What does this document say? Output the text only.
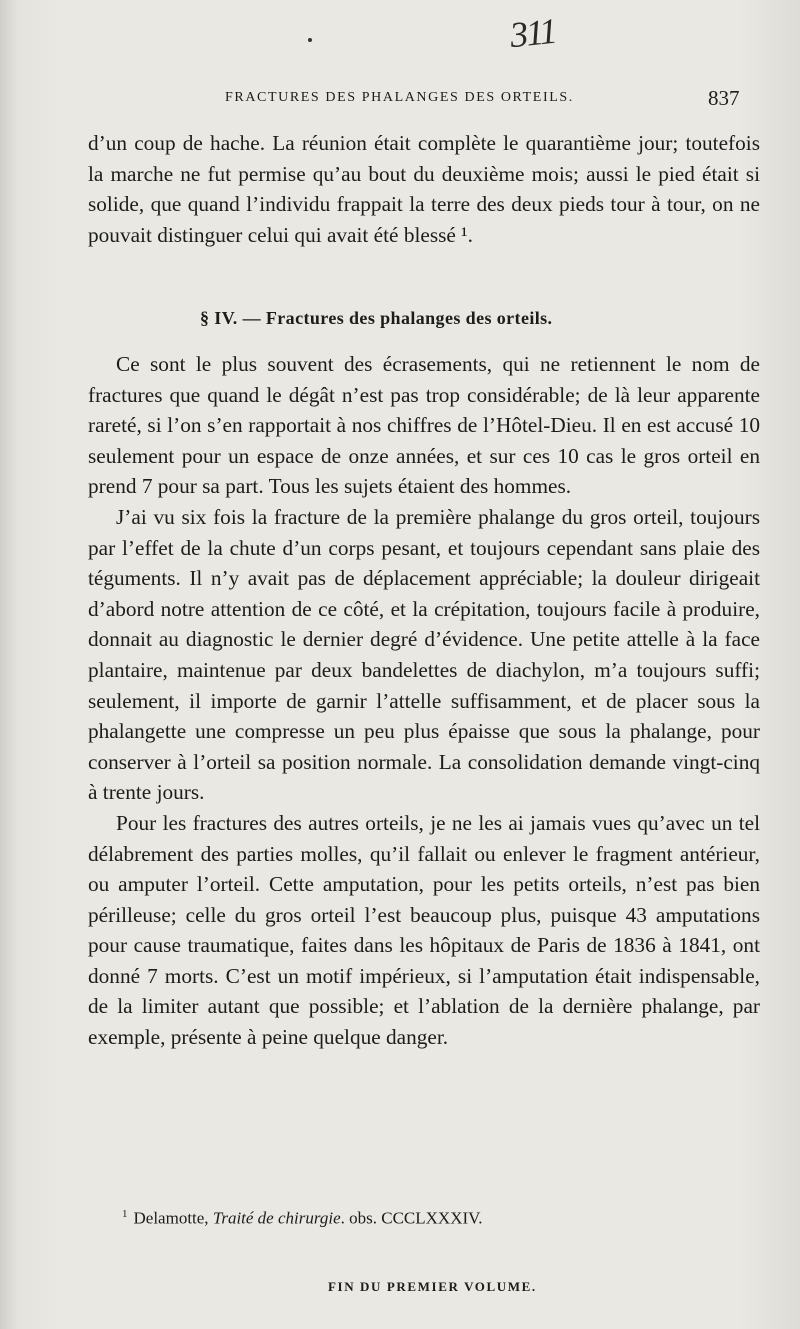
311
FRACTURES DES PHALANGES DES ORTEILS.	837

d’un coup de hache. La réunion était complète le quarantième jour; toutefois la marche ne fut permise qu’au bout du deuxième mois; aussi le pied était si solide, que quand l’individu frappait la terre des deux pieds tour à tour, on ne pouvait distinguer celui qui avait été blessé ¹.

§ IV. — Fractures des phalanges des orteils.

Ce sont le plus souvent des écrasements, qui ne retiennent le nom de fractures que quand le dégât n’est pas trop considérable; de là leur apparente rareté, si l’on s’en rapportait à nos chiffres de l’Hôtel-Dieu. Il en est accusé 10 seulement pour un espace de onze années, et sur ces 10 cas le gros orteil en prend 7 pour sa part. Tous les sujets étaient des hommes.

J’ai vu six fois la fracture de la première phalange du gros orteil, toujours par l’effet de la chute d’un corps pesant, et toujours cependant sans plaie des téguments. Il n’y avait pas de déplacement appréciable; la douleur dirigeait d’abord notre attention de ce côté, et la crépitation, toujours facile à produire, donnait au diagnostic le dernier degré d’évidence. Une petite attelle à la face plantaire, maintenue par deux bandelettes de diachylon, m’a toujours suffi; seulement, il importe de garnir l’attelle suffisamment, et de placer sous la phalangette une compresse un peu plus épaisse que sous la phalange, pour conserver à l’orteil sa position normale. La consolidation demande vingt-cinq à trente jours.

Pour les fractures des autres orteils, je ne les ai jamais vues qu’avec un tel délabrement des parties molles, qu’il fallait ou enlever le fragment antérieur, ou amputer l’orteil. Cette amputation, pour les petits orteils, n’est pas bien périlleuse; celle du gros orteil l’est beaucoup plus, puisque 43 amputations pour cause traumatique, faites dans les hôpitaux de Paris de 1836 à 1841, ont donné 7 morts. C’est un motif impérieux, si l’amputation était indispensable, de la limiter autant que possible; et l’ablation de la dernière phalange, par exemple, présente à peine quelque danger.

$^1$ Delamotte, Traité de chirurgie. obs. CCCLXXXIV.
FIN DU PREMIER VOLUME.
